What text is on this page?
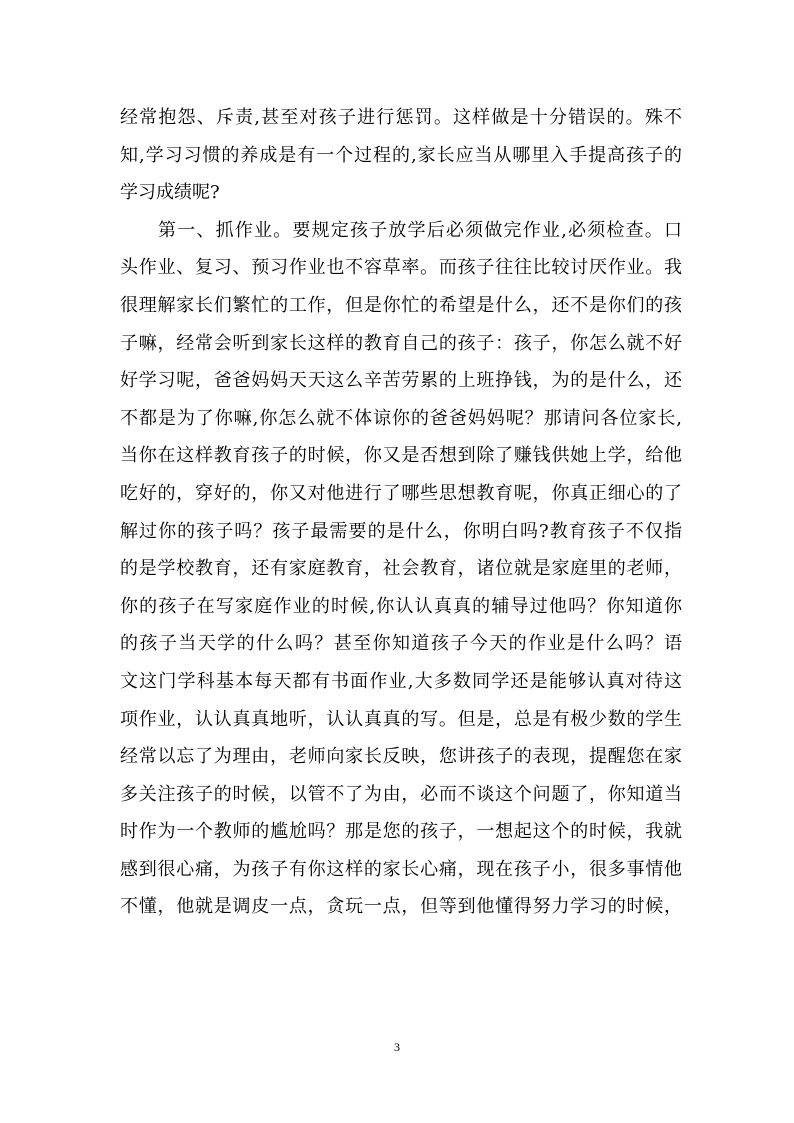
经常抱怨、斥责,甚至对孩子进行惩罚。这样做是十分错误的。殊不
知,学习习惯的养成是有一个过程的,家长应当从哪里入手提高孩子的
学习成绩呢?
第一、抓作业。要规定孩子放学后必须做完作业,必须检查。口
头作业、复习、预习作业也不容草率。而孩子往往比较讨厌作业。我
很理解家长们繁忙的工作，但是你忙的希望是什么，还不是你们的孩
子嘛，经常会听到家长这样的教育自己的孩子：孩子，你怎么就不好
好学习呢，爸爸妈妈天天这么辛苦劳累的上班挣钱，为的是什么，还
不都是为了你嘛,你怎么就不体谅你的爸爸妈妈呢？那请问各位家长,
当你在这样教育孩子的时候，你又是否想到除了赚钱供她上学，给他
吃好的，穿好的，你又对他进行了哪些思想教育呢，你真正细心的了
解过你的孩子吗？孩子最需要的是什么，你明白吗?教育孩子不仅指
的是学校教育，还有家庭教育，社会教育，诸位就是家庭里的老师，
你的孩子在写家庭作业的时候,你认认真真的辅导过他吗？你知道你
的孩子当天学的什么吗？甚至你知道孩子今天的作业是什么吗？语
文这门学科基本每天都有书面作业,大多数同学还是能够认真对待这
项作业，认认真真地听，认认真真的写。但是，总是有极少数的学生
经常以忘了为理由，老师向家长反映，您讲孩子的表现，提醒您在家
多关注孩子的时候，以管不了为由，必而不谈这个问题了，你知道当
时作为一个教师的尴尬吗？那是您的孩子，一想起这个的时候，我就
感到很心痛，为孩子有你这样的家长心痛，现在孩子小，很多事情他
不懂，他就是调皮一点，贪玩一点，但等到他懂得努力学习的时候，
3
